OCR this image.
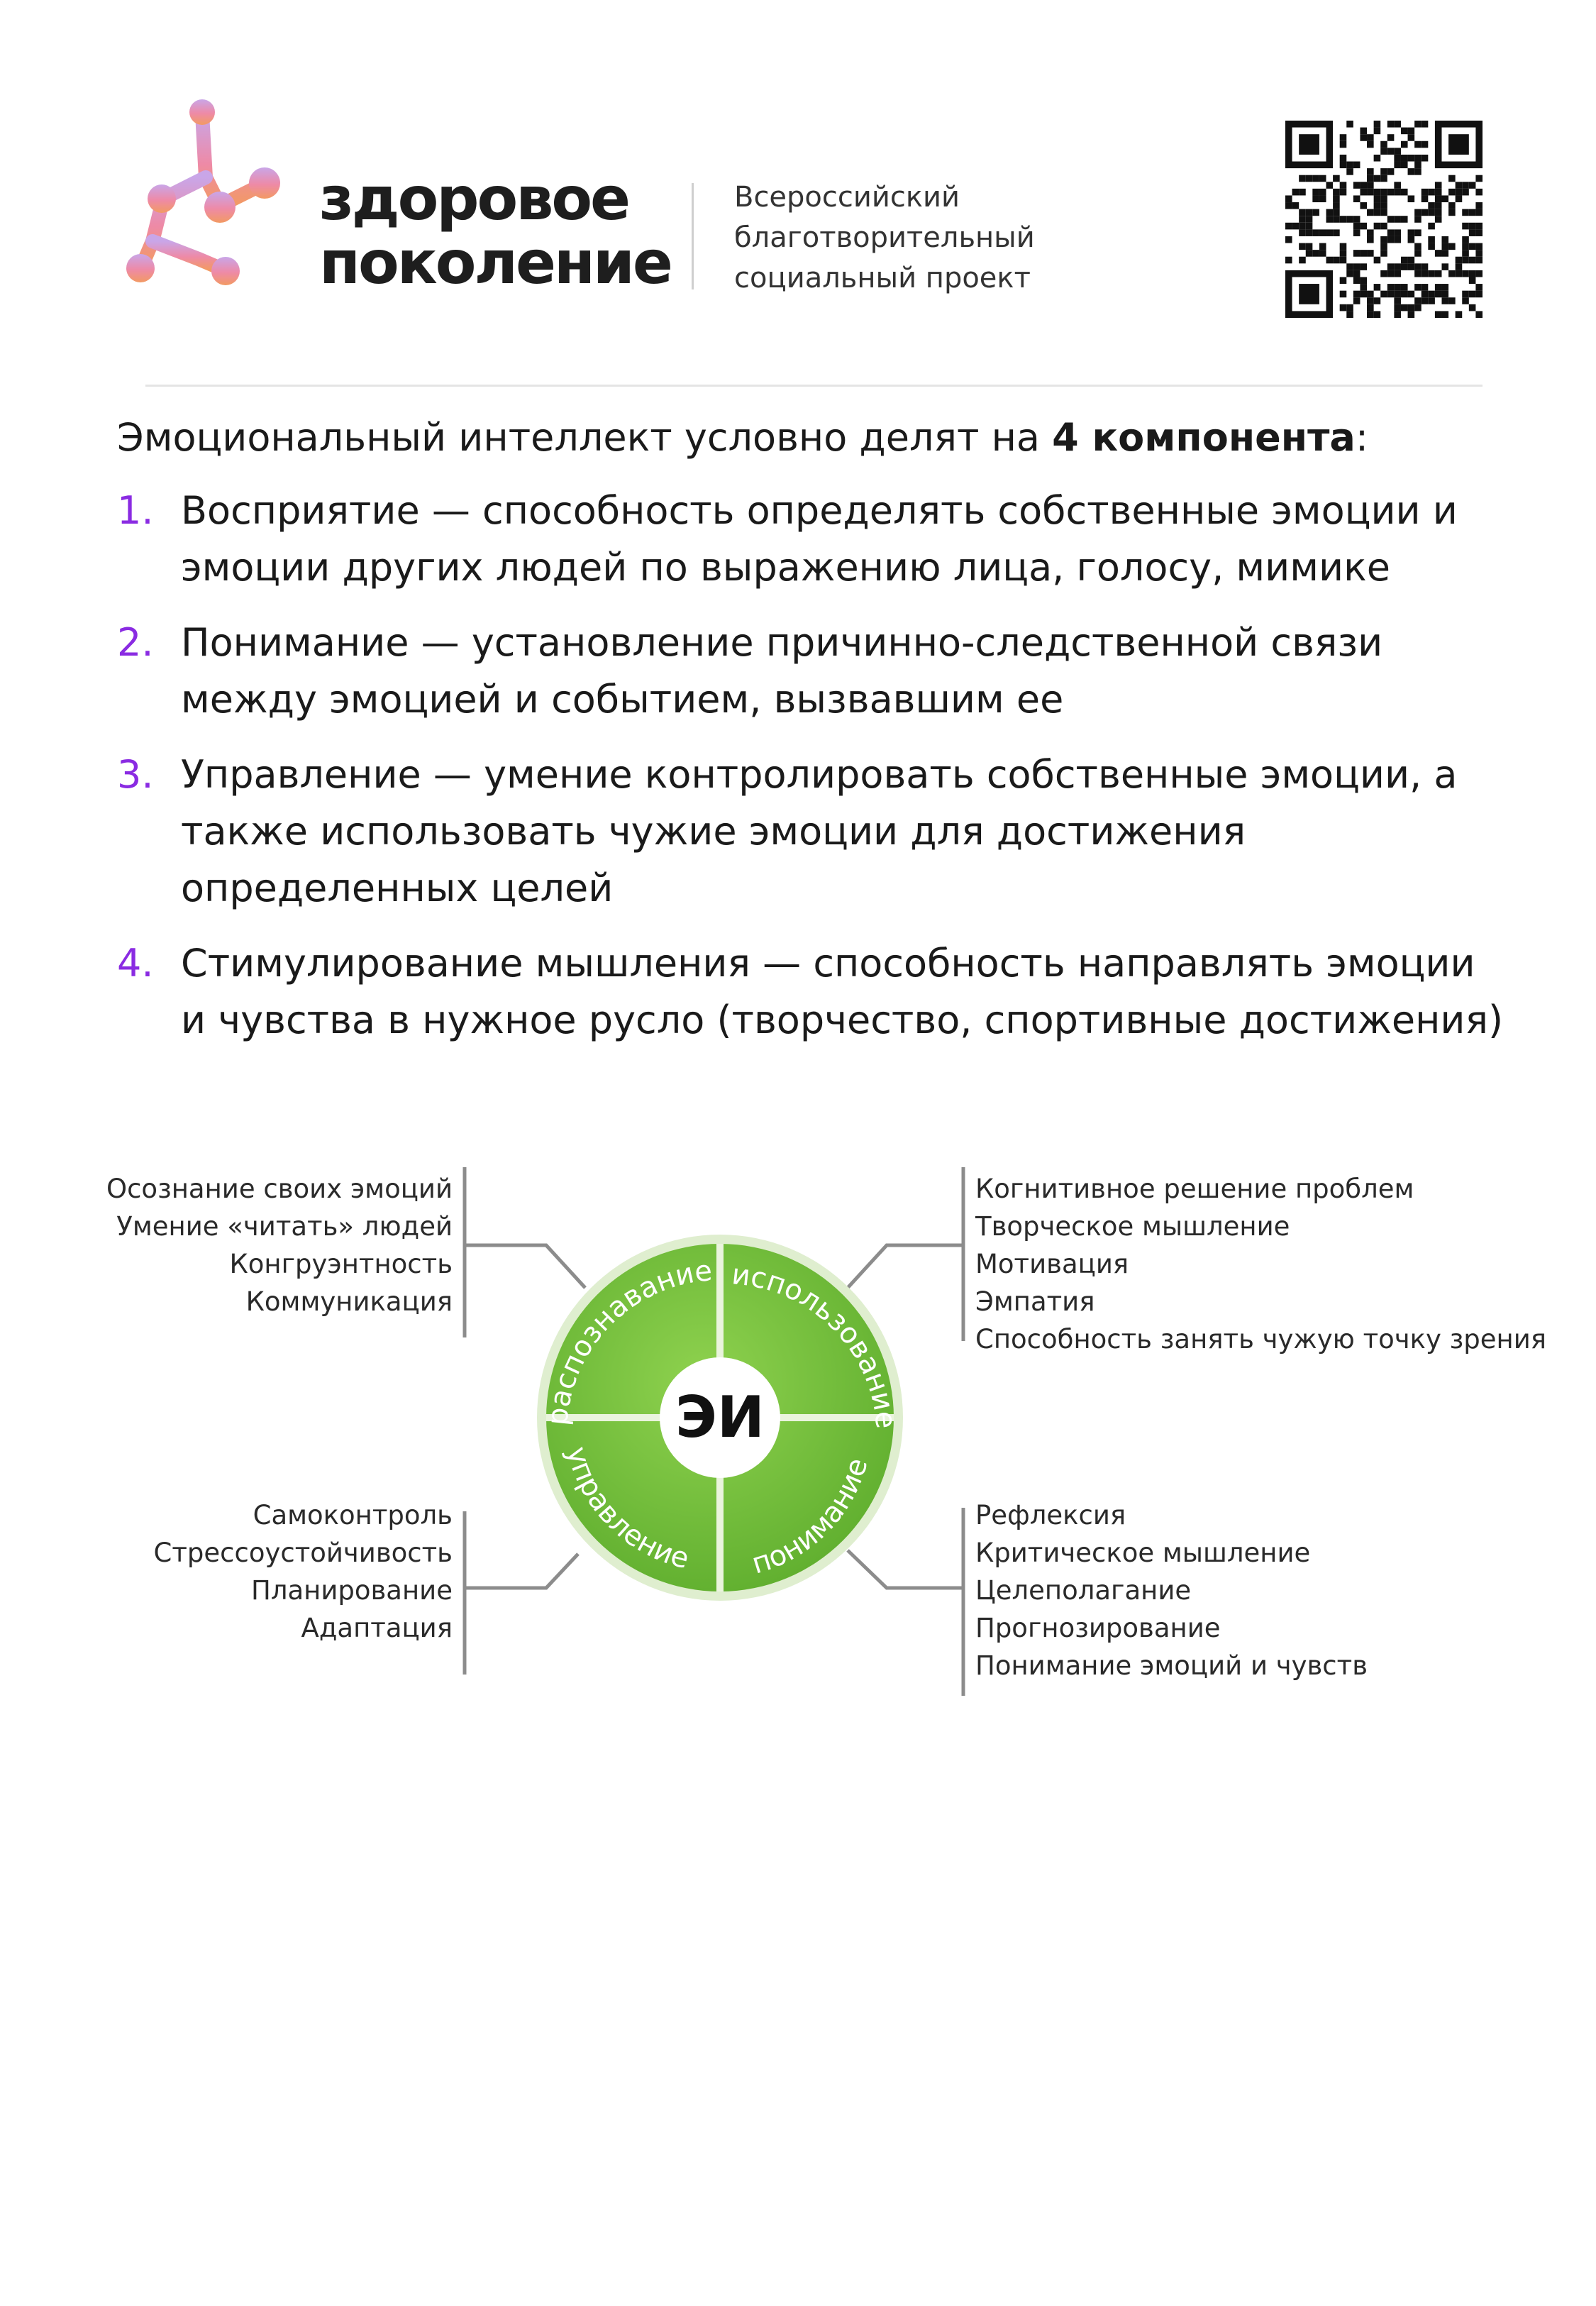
здоровое
поколение
Всероссийский
благотворительный
социальный проект
Эмоциональный интеллект условно делят на 4 компонента:
1. Восприятие — способность определять собственные эмоции и эмоции других людей по выражению лица, голосу, мимике
2. Понимание — установление причинно-следственной связи между эмоцией и событием, вызвавшим ее
3. Управление — умение контролировать собственные эмоции, а также использовать чужие эмоции для достижения определенных целей
4. Стимулирование мышления — способность направлять эмоции и чувства в нужное русло (творчество, спортивные достижения)
ЭИ
распознавание использование
управление понимание
Осознание своих эмоций
Умение «читать» людей
Конгруэнтность
Коммуникация
Когнитивное решение проблем
Творческое мышление
Мотивация
Эмпатия
Способность занять чужую точку зрения
Самоконтроль
Стрессоустойчивость
Планирование
Адаптация
Рефлексия
Критическое мышление
Целеполагание
Прогнозирование
Понимание эмоций и чувств
